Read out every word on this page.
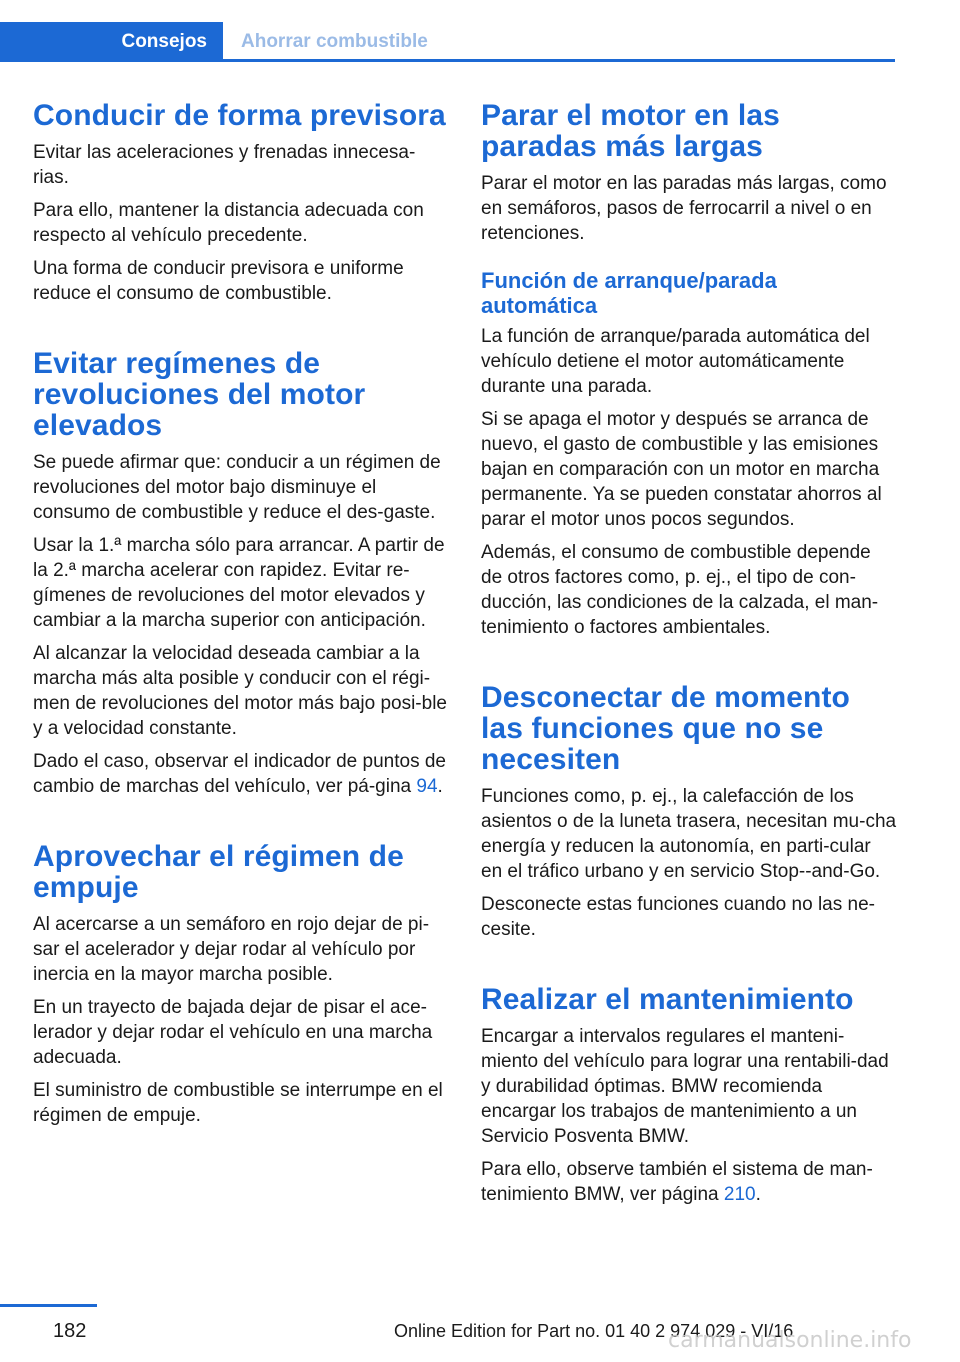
Consejos	Ahorrar combustible
Conducir de forma previsora

Evitar las aceleraciones y frenadas innecesa-rias.

Para ello, mantener la distancia adecuada con respecto al vehículo precedente.

Una forma de conducir previsora e uniforme reduce el consumo de combustible.

Evitar regímenes de revoluciones del motor elevados

Se puede afirmar que: conducir a un régimen de revoluciones del motor bajo disminuye el consumo de combustible y reduce el des-gaste.

Usar la 1.ª marcha sólo para arrancar. A partir de la 2.ª marcha acelerar con rapidez. Evitar re-gímenes de revoluciones del motor elevados y cambiar a la marcha superior con anticipación.

Al alcanzar la velocidad deseada cambiar a la marcha más alta posible y conducir con el régi-men de revoluciones del motor más bajo posi-ble y a velocidad constante.

Dado el caso, observar el indicador de puntos de cambio de marchas del vehículo, ver pá-gina 94.

Aprovechar el régimen de empuje

Al acercarse a un semáforo en rojo dejar de pi-sar el acelerador y dejar rodar al vehículo por inercia en la mayor marcha posible.

En un trayecto de bajada dejar de pisar el ace-lerador y dejar rodar el vehículo en una marcha adecuada.

El suministro de combustible se interrumpe en el régimen de empuje.

Parar el motor en las paradas más largas

Parar el motor en las paradas más largas, como en semáforos, pasos de ferrocarril a nivel o en retenciones.

Función de arranque/parada automática

La función de arranque/parada automática del vehículo detiene el motor automáticamente durante una parada.

Si se apaga el motor y después se arranca de nuevo, el gasto de combustible y las emisiones bajan en comparación con un motor en marcha permanente. Ya se pueden constatar ahorros al parar el motor unos pocos segundos.

Además, el consumo de combustible depende de otros factores como, p. ej., el tipo de con-ducción, las condiciones de la calzada, el man-tenimiento o factores ambientales.

Desconectar de momento las funciones que no se necesiten

Funciones como, p. ej., la calefacción de los asientos o de la luneta trasera, necesitan mu-cha energía y reducen la autonomía, en parti-cular en el tráfico urbano y en servicio Stop--and-Go.

Desconecte estas funciones cuando no las ne-cesite.

Realizar el mantenimiento

Encargar a intervalos regulares el manteni-miento del vehículo para lograr una rentabili-dad y durabilidad óptimas. BMW recomienda encargar los trabajos de mantenimiento a un Servicio Posventa BMW.

Para ello, observe también el sistema de man-tenimiento BMW, ver página 210.

182	Online Edition for Part no. 01 40 2 974 029 - VI/16
carmanualsonline.info
